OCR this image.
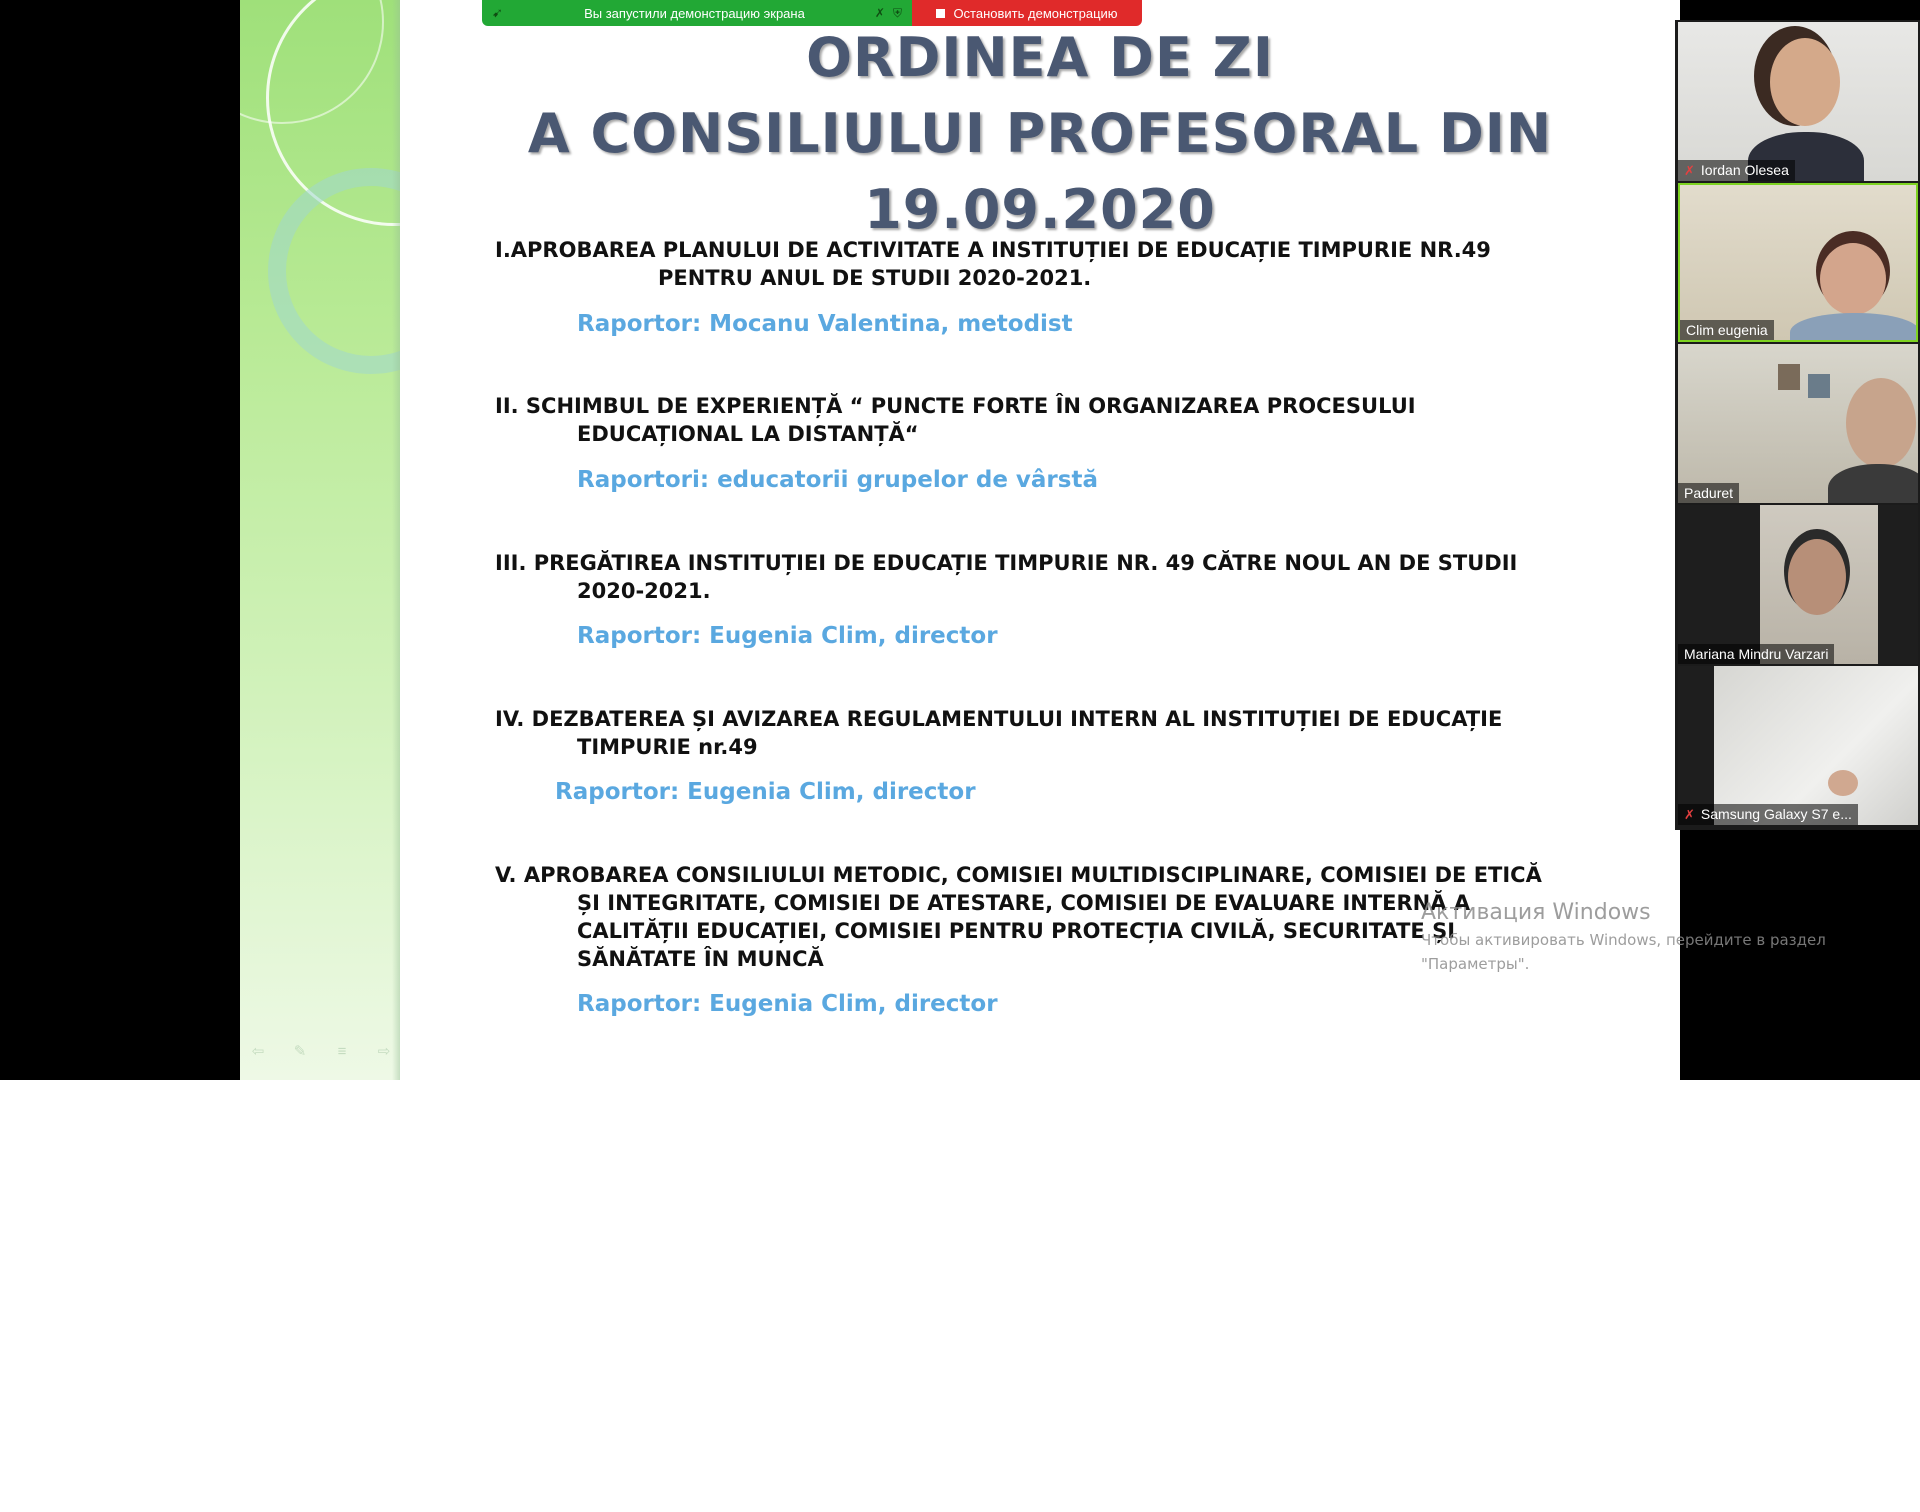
⇦ ✎	≡	⇨
ORDINEA DE ZI
A CONSILIULUI PROFESORAL DIN
19.09.2020
I.APROBAREA PLANULUI DE ACTIVITATE A INSTITUȚIEI DE EDUCAȚIE TIMPURIE NR.49
PENTRU ANUL DE STUDII 2020-2021.
Raportor: Mocanu Valentina, metodist
II. SCHIMBUL DE EXPERIENȚĂ “ PUNCTE FORTE ÎN ORGANIZAREA PROCESULUI
EDUCAȚIONAL LA DISTANȚĂ“
Raportori: educatorii grupelor de vârstă
III. PREGĂTIREA INSTITUȚIEI DE EDUCAȚIE TIMPURIE NR. 49 CĂTRE NOUL AN DE STUDII
2020-2021.
Raportor: Eugenia Clim, director
IV. DEZBATEREA ȘI AVIZAREA REGULAMENTULUI INTERN AL INSTITUȚIEI DE EDUCAȚIE
TIMPURIE nr.49
Raportor: Eugenia Clim, director
V. APROBAREA CONSILIULUI METODIC, COMISIEI MULTIDISCIPLINARE, COMISIEI DE ETICĂ
ȘI INTEGRITATE, COMISIEI DE ATESTARE, COMISIEI DE EVALUARE INTERNĂ A
CALITĂȚII EDUCAȚIEI, COMISIEI PENTRU PROTECȚIA CIVILĂ, SECURITATE ȘI
SĂNĂTATE ÎN MUNCĂ
Raportor: Eugenia Clim, director
➹	Вы запустили демонстрацию экрана	✗ ⛨	Остановить демонстрацию
✗ Iordan Olesea
Clim eugenia
Paduret
Mariana Mindru Varzari
✗ Samsung Galaxy S7 e...
Активация Windows
Чтобы активировать Windows, перейдите в раздел
"Параметры".
